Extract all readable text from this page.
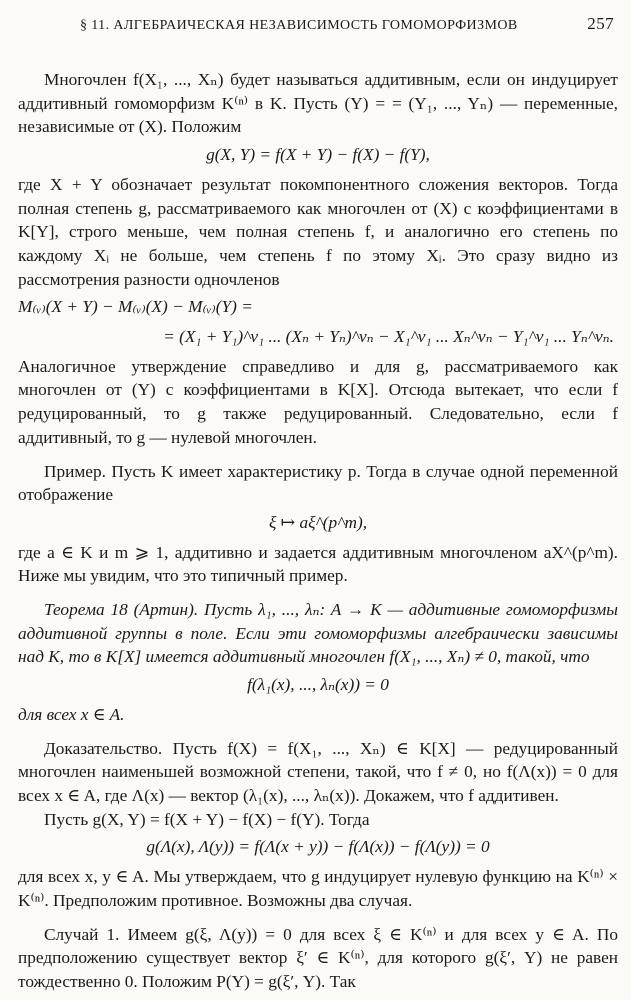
§ 11. АЛГЕБРАИЧЕСКАЯ НЕЗАВИСИМОСТЬ ГОМОМОРФИЗМОВ	257

Многочлен f(X₁, ..., Xₙ) будет называться аддитивным, если он индуцирует аддитивный гомоморфизм K⁽ⁿ⁾ в K. Пусть (Y) = = (Y₁, ..., Yₙ) — переменные, независимые от (X). Положим

g(X, Y) = f(X + Y) − f(X) − f(Y),

где X + Y обозначает результат покомпонентного сложения векторов. Тогда полная степень g, рассматриваемого как многочлен от (X) с коэффициентами в K[Y], строго меньше, чем полная степень f, и аналогично его степень по каждому Xᵢ не больше, чем степень f по этому Xᵢ. Это сразу видно из рассмотрения разности одночленов

M₍ᵥ₎(X + Y) − M₍ᵥ₎(X) − M₍ᵥ₎(Y) =
= (X₁ + Y₁)^ν₁ ... (Xₙ + Yₙ)^νₙ − X₁^ν₁ ... Xₙ^νₙ − Y₁^ν₁ ... Yₙ^νₙ.

Аналогичное утверждение справедливо и для g, рассматриваемого как многочлен от (Y) с коэффициентами в K[X]. Отсюда вытекает, что если f редуцированный, то g также редуцированный. Следовательно, если f аддитивный, то g — нулевой многочлен.

Пример. Пусть K имеет характеристику p. Тогда в случае одной переменной отображение

ξ ↦ aξ^(p^m),

где a ∈ K и m ⩾ 1, аддитивно и задается аддитивным многочленом aX^(p^m). Ниже мы увидим, что это типичный пример.

Теорема 18 (Артин). Пусть λ₁, ..., λₙ: A → K — аддитивные гомоморфизмы аддитивной группы в поле. Если эти гомоморфизмы алгебраически зависимы над K, то в K[X] имеется аддитивный многочлен f(X₁, ..., Xₙ) ≠ 0, такой, что

f(λ₁(x), ..., λₙ(x)) = 0

для всех x ∈ A.

Доказательство. Пусть f(X) = f(X₁, ..., Xₙ) ∈ K[X] — редуцированный многочлен наименьшей возможной степени, такой, что f ≠ 0, но f(Λ(x)) = 0 для всех x ∈ A, где Λ(x) — вектор (λ₁(x), ..., λₙ(x)). Докажем, что f аддитивен.

Пусть g(X, Y) = f(X + Y) − f(X) − f(Y). Тогда

g(Λ(x), Λ(y)) = f(Λ(x + y)) − f(Λ(x)) − f(Λ(y)) = 0

для всех x, y ∈ A. Мы утверждаем, что g индуцирует нулевую функцию на K⁽ⁿ⁾ × K⁽ⁿ⁾. Предположим противное. Возможны два случая.

Случай 1. Имеем g(ξ, Λ(y)) = 0 для всех ξ ∈ K⁽ⁿ⁾ и для всех y ∈ A. По предположению существует вектор ξ′ ∈ K⁽ⁿ⁾, для которого g(ξ′, Y) не равен тождественно 0. Положим P(Y) = g(ξ′, Y). Так
